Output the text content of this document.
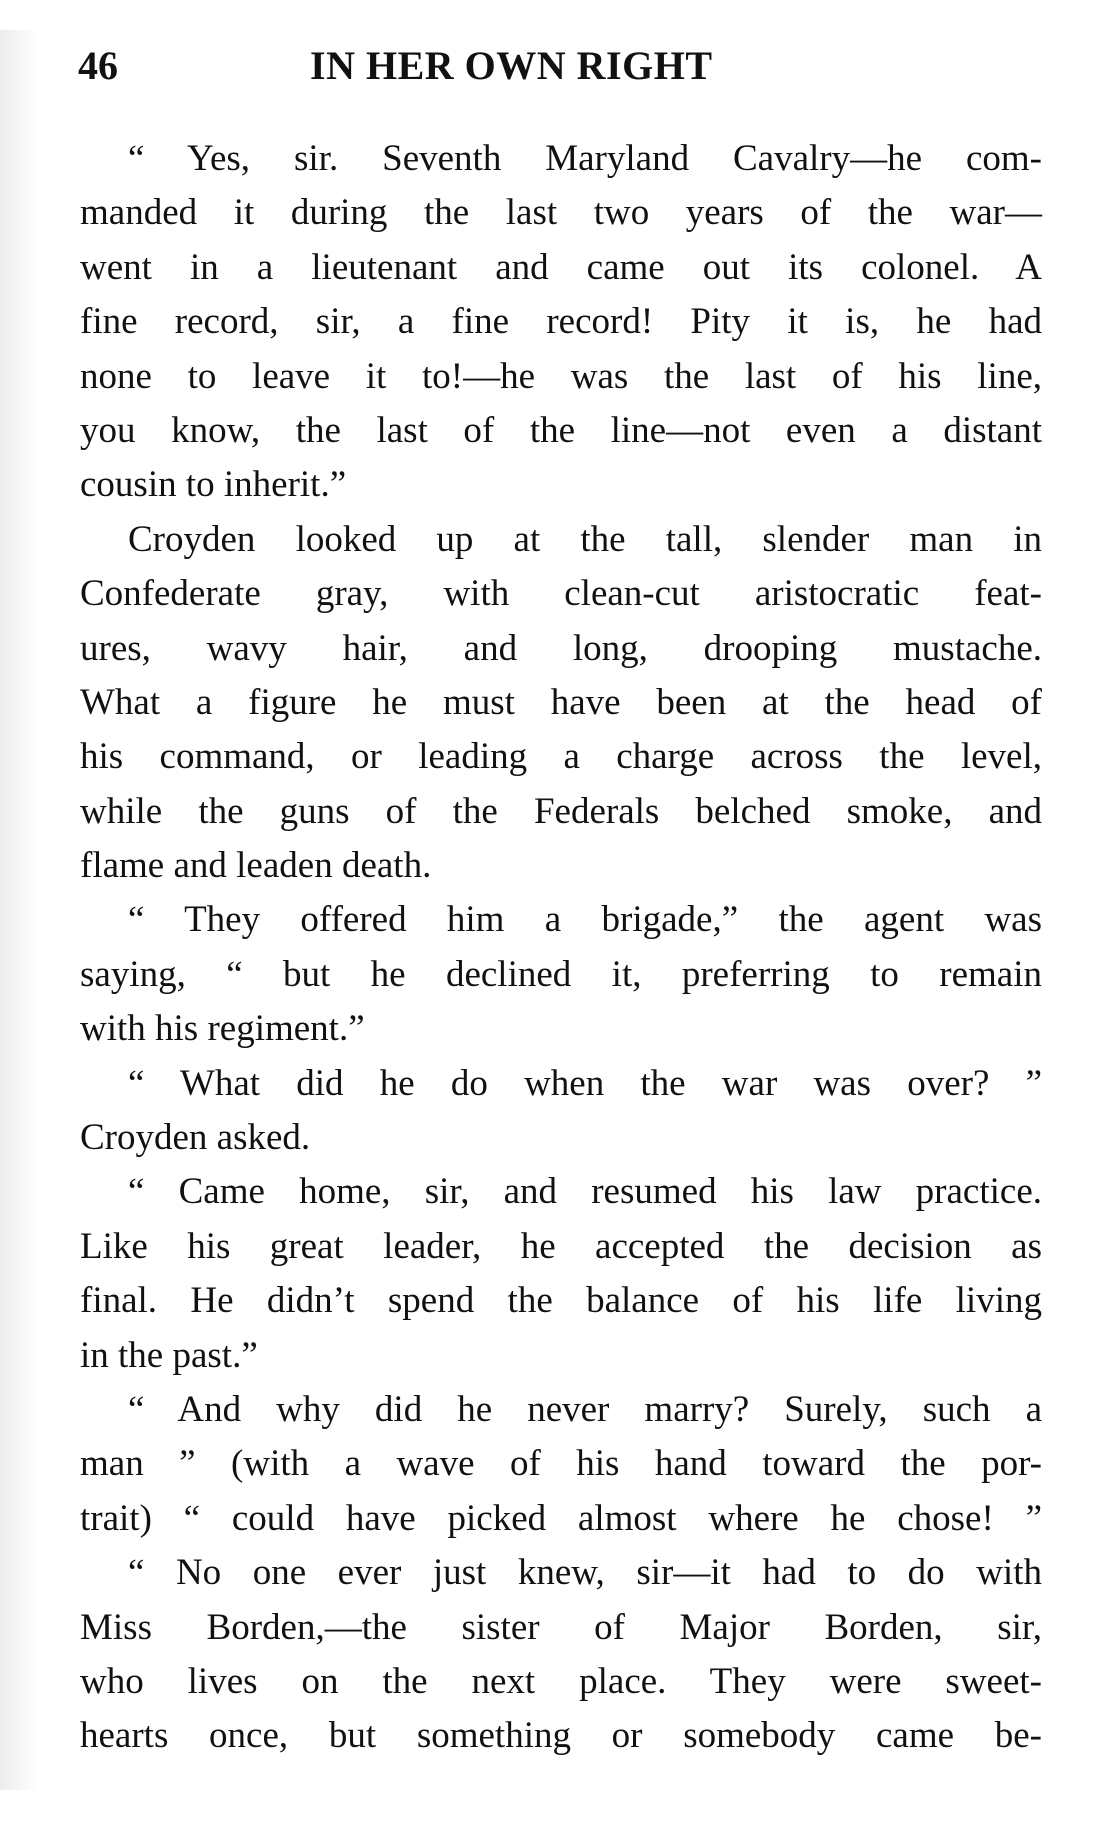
46	IN HER OWN RIGHT
“ Yes, sir. Seventh Maryland Cavalry—he com-
manded it during the last two years of the war—
went in a lieutenant and came out its colonel. A
fine record, sir, a fine record! Pity it is, he had
none to leave it to!—he was the last of his line,
you know, the last of the line—not even a distant
cousin to inherit.”
Croyden looked up at the tall, slender man in
Confederate gray, with clean-cut aristocratic feat-
ures, wavy hair, and long, drooping mustache.
What a figure he must have been at the head of
his command, or leading a charge across the level,
while the guns of the Federals belched smoke, and
flame and leaden death.
“ They offered him a brigade,” the agent was
saying, “ but he declined it, preferring to remain
with his regiment.”
“ What did he do when the war was over? ”
Croyden asked.
“ Came home, sir, and resumed his law practice.
Like his great leader, he accepted the decision as
final. He didn’t spend the balance of his life living
in the past.”
“ And why did he never marry? Surely, such a
man ” (with a wave of his hand toward the por-
trait) “ could have picked almost where he chose! ”
“ No one ever just knew, sir—it had to do with
Miss Borden,—the sister of Major Borden, sir,
who lives on the next place. They were sweet-
hearts once, but something or somebody came be-
